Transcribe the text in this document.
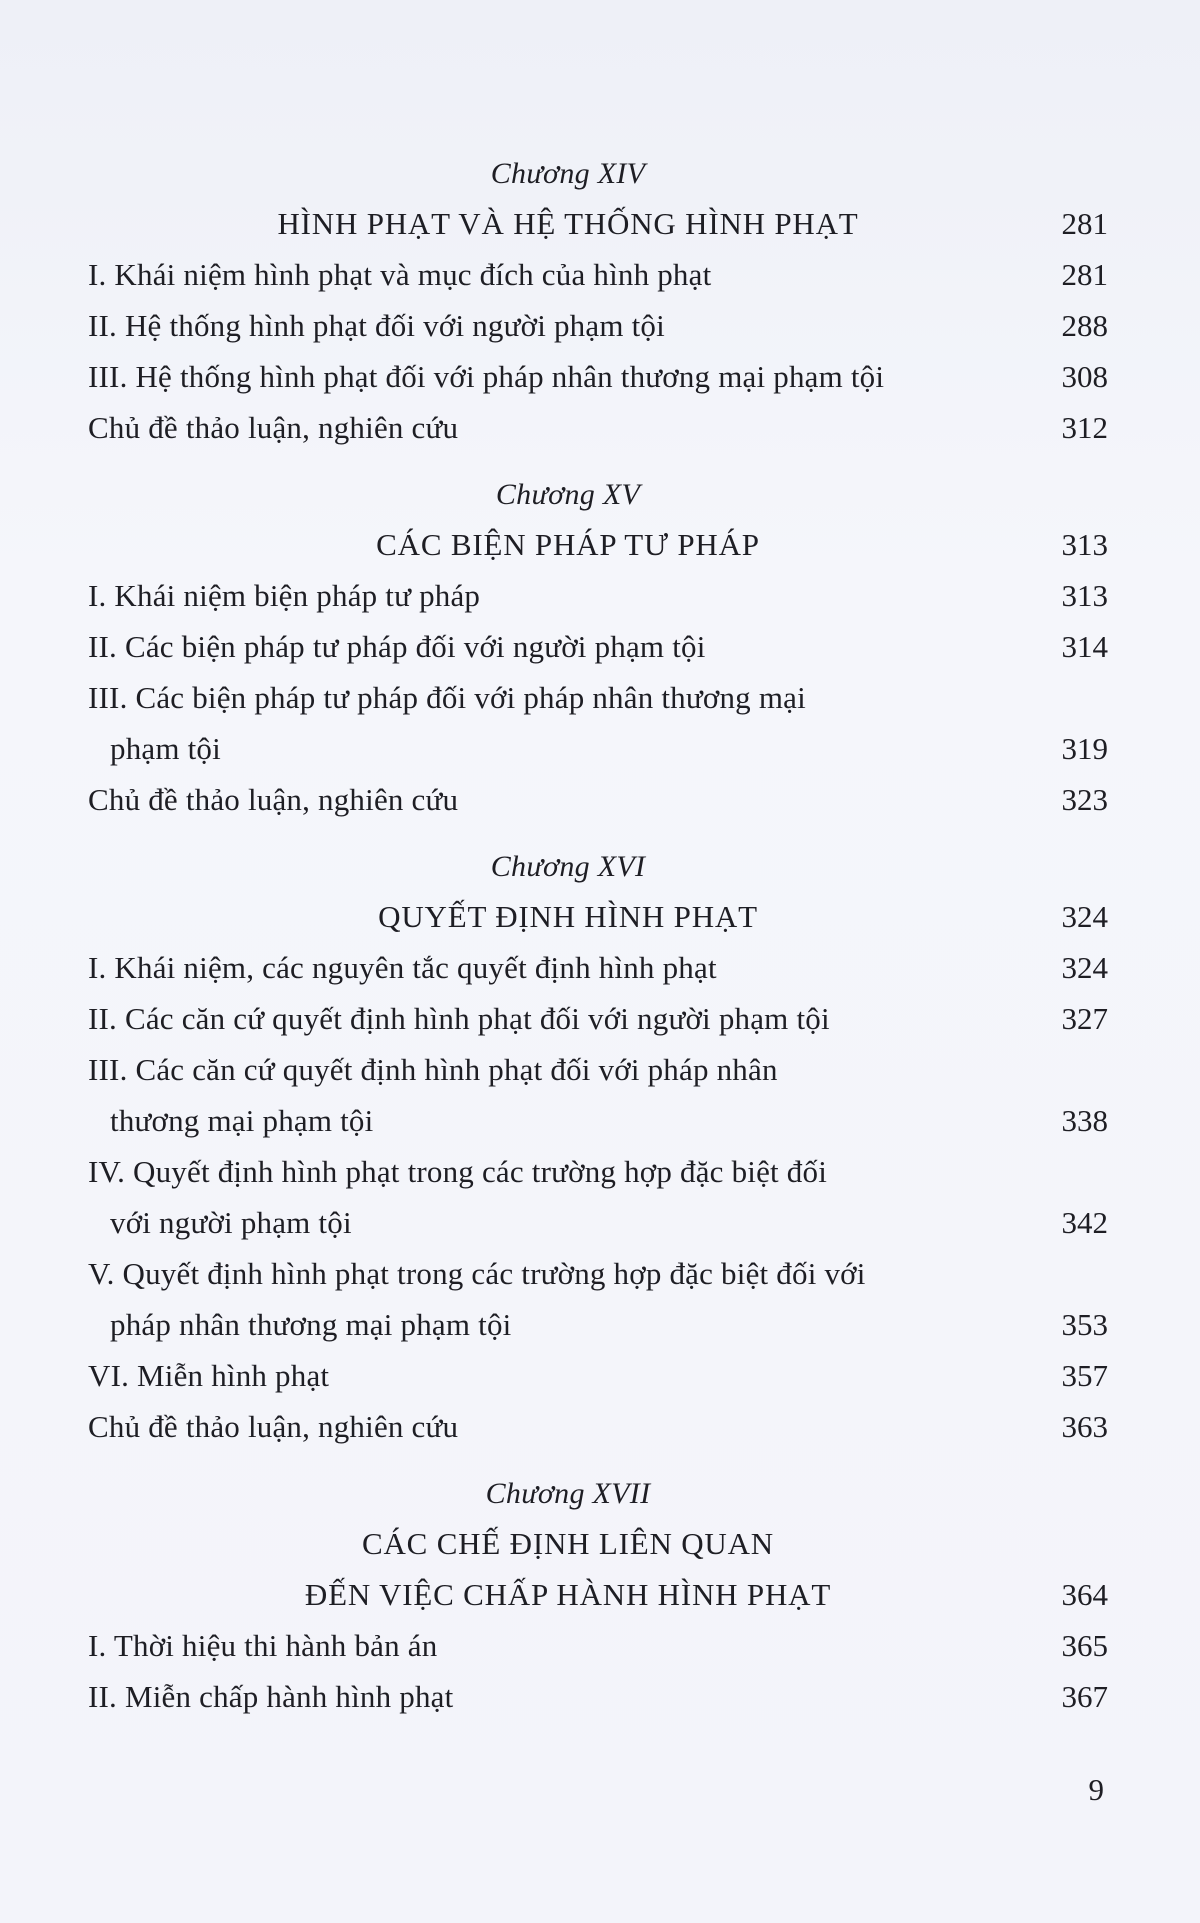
Chương XIV
HÌNH PHẠT VÀ HỆ THỐNG HÌNH PHẠT	281
I. Khái niệm hình phạt và mục đích của hình phạt	281
II. Hệ thống hình phạt đối với người phạm tội	288
III. Hệ thống hình phạt đối với pháp nhân thương mại phạm tội	308
Chủ đề thảo luận, nghiên cứu	312
Chương XV
CÁC BIỆN PHÁP TƯ PHÁP	313
I. Khái niệm biện pháp tư pháp	313
II. Các biện pháp tư pháp đối với người phạm tội	314
III. Các biện pháp tư pháp đối với pháp nhân thương mại
phạm tội	319
Chủ đề thảo luận, nghiên cứu	323
Chương XVI
QUYẾT ĐỊNH HÌNH PHẠT	324
I. Khái niệm, các nguyên tắc quyết định hình phạt	324
II. Các căn cứ quyết định hình phạt đối với người phạm tội	327
III. Các căn cứ quyết định hình phạt đối với pháp nhân
thương mại phạm tội	338
IV. Quyết định hình phạt trong các trường hợp đặc biệt đối
với người phạm tội	342
V. Quyết định hình phạt trong các trường hợp đặc biệt đối với
pháp nhân thương mại phạm tội	353
VI. Miễn hình phạt	357
Chủ đề thảo luận, nghiên cứu	363
Chương XVII
CÁC CHẾ ĐỊNH LIÊN QUAN
ĐẾN VIỆC CHẤP HÀNH HÌNH PHẠT	364
I. Thời hiệu thi hành bản án	365
II. Miễn chấp hành hình phạt	367
9
